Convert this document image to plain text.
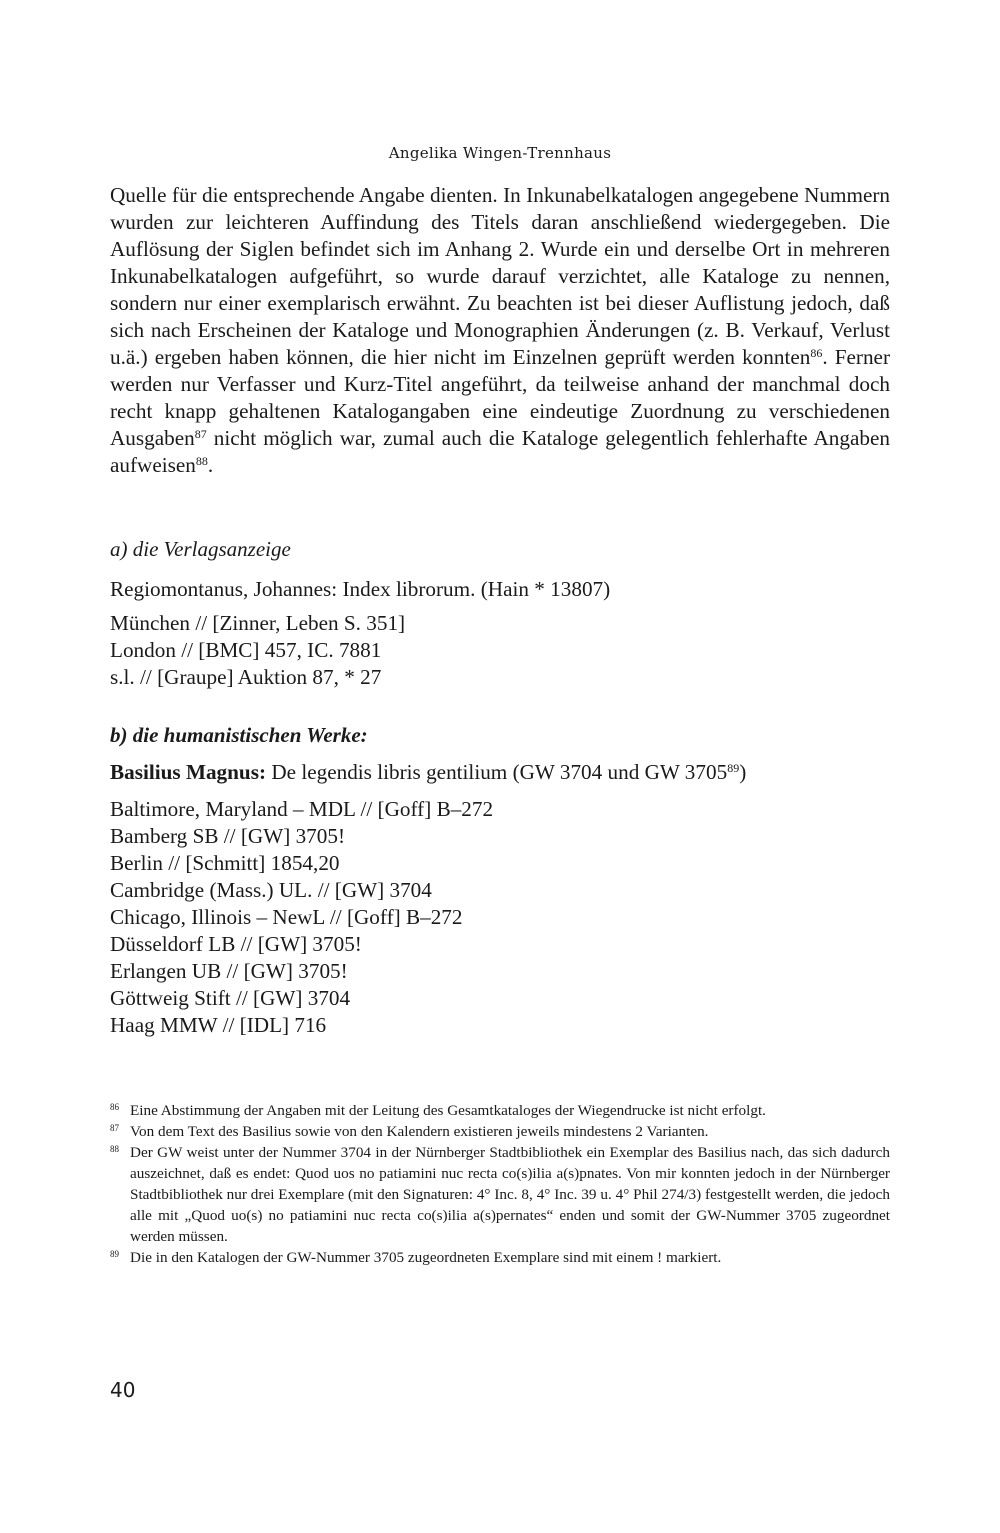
Angelika Wingen-Trennhaus

Quelle für die entsprechende Angabe dienten. In Inkunabelkatalogen angegebene Nummern wurden zur leichteren Auffindung des Titels daran anschließend wiedergegeben. Die Auflösung der Siglen befindet sich im Anhang 2. Wurde ein und derselbe Ort in mehreren Inkunabelkatalogen aufgeführt, so wurde darauf verzichtet, alle Kataloge zu nennen, sondern nur einer exemplarisch erwähnt. Zu beachten ist bei dieser Auflistung jedoch, daß sich nach Erscheinen der Kataloge und Monographien Änderungen (z. B. Verkauf, Verlust u.ä.) ergeben haben können, die hier nicht im Einzelnen geprüft werden konnten$^{86}$. Ferner werden nur Verfasser und Kurz-Titel angeführt, da teilweise anhand der manchmal doch recht knapp gehaltenen Katalogangaben eine eindeutige Zuordnung zu verschiedenen Ausgaben$^{87}$ nicht möglich war, zumal auch die Kataloge gelegentlich fehlerhafte Angaben aufweisen$^{88}$.

a) die Verlagsanzeige
Regiomontanus, Johannes: Index librorum. (Hain * 13807)
München // [Zinner, Leben S. 351]
London // [BMC] 457, IC. 7881
s.l. // [Graupe] Auktion 87, * 27
b) die humanistischen Werke:
Basilius Magnus: De legendis libris gentilium (GW 3704 und GW 3705$^{89}$)
Baltimore, Maryland – MDL // [Goff] B–272
Bamberg SB // [GW] 3705!
Berlin // [Schmitt] 1854,20
Cambridge (Mass.) UL. // [GW] 3704
Chicago, Illinois – NewL // [Goff] B–272
Düsseldorf LB // [GW] 3705!
Erlangen UB // [GW] 3705!
Göttweig Stift // [GW] 3704
Haag MMW // [IDL] 716
86 Eine Abstimmung der Angaben mit der Leitung des Gesamtkataloges der Wiegendrucke ist nicht erfolgt.
87 Von dem Text des Basilius sowie von den Kalendern existieren jeweils mindestens 2 Varianten.
88 Der GW weist unter der Nummer 3704 in der Nürnberger Stadtbibliothek ein Exemplar des Basilius nach, das sich dadurch auszeichnet, daß es endet: Quod uos no patiamini nuc recta co(s)ilia a(s)pnates. Von mir konnten jedoch in der Nürnberger Stadtbibliothek nur drei Exemplare (mit den Signaturen: 4° Inc. 8, 4° Inc. 39 u. 4° Phil 274/3) festgestellt werden, die jedoch alle mit „Quod uo(s) no patiamini nuc recta co(s)ilia a(s)pernates“ enden und somit der GW-Nummer 3705 zugeordnet werden müssen.
89 Die in den Katalogen der GW-Nummer 3705 zugeordneten Exemplare sind mit einem ! markiert.
40
